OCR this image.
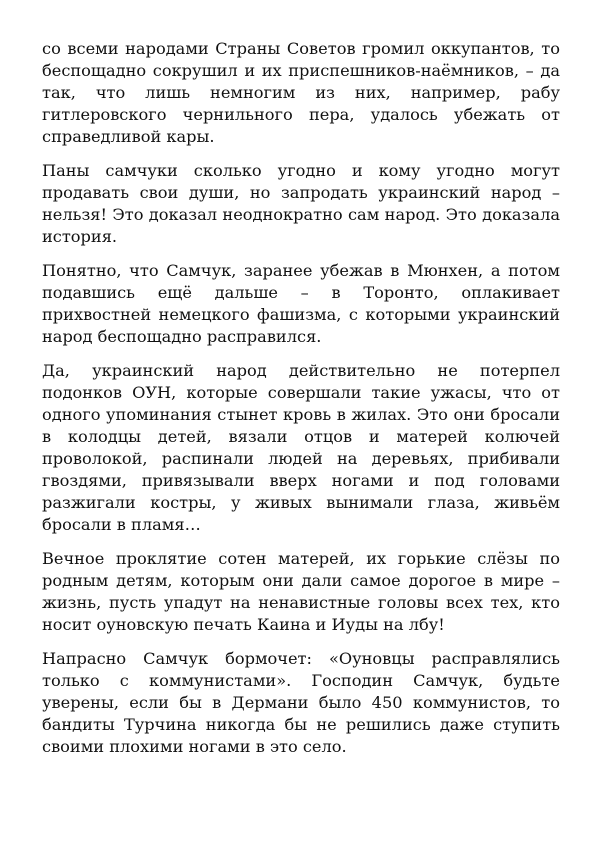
со всеми народами Страны Советов громил оккупантов, то беспощадно сокрушил и их приспешников-наёмников, – да так, что лишь немногим из них, например, рабу гитлеровского чернильного пера, удалось убежать от справедливой кары.

Паны самчуки сколько угодно и кому угодно могут продавать свои души, но запродать украинский народ – нельзя! Это доказал неоднократно сам народ. Это доказала история.

Понятно, что Самчук, заранее убежав в Мюнхен, а потом подавшись ещё дальше – в Торонто, оплакивает прихвостней немецкого фашизма, с которыми украинский народ беспощадно расправился.

Да, украинский народ действительно не потерпел подонков ОУН, которые совершали такие ужасы, что от одного упоминания стынет кровь в жилах. Это они бросали в колодцы детей, вязали отцов и матерей колючей проволокой, распинали людей на деревьях, прибивали гвоздями, привязывали вверх ногами и под головами разжигали костры, у живых вынимали глаза, живьём бросали в пламя…

Вечное проклятие сотен матерей, их горькие слёзы по родным детям, которым они дали самое дорогое в мире – жизнь, пусть упадут на ненавистные головы всех тех, кто носит оуновскую печать Каина и Иуды на лбу!

Напрасно Самчук бормочет: «Оуновцы расправлялись только с коммунистами». Господин Самчук, будьте уверены, если бы в Дермани было 450 коммунистов, то бандиты Турчина никогда бы не решились даже ступить своими плохими ногами в это село.
